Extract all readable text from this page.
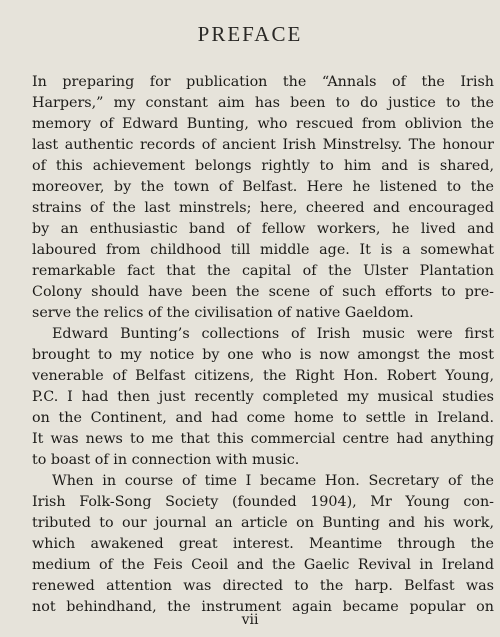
PREFACE
In preparing for publication the “Annals of the Irish
Harpers,” my constant aim has been to do justice to the
memory of Edward Bunting, who rescued from oblivion the
last authentic records of ancient Irish Minstrelsy. The honour
of this achievement belongs rightly to him and is shared,
moreover, by the town of Belfast. Here he listened to the
strains of the last minstrels; here, cheered and encouraged
by an enthusiastic band of fellow workers, he lived and
laboured from childhood till middle age. It is a somewhat
remarkable fact that the capital of the Ulster Plantation
Colony should have been the scene of such efforts to pre-
serve the relics of the civilisation of native Gaeldom.
Edward Bunting’s collections of Irish music were first
brought to my notice by one who is now amongst the most
venerable of Belfast citizens, the Right Hon. Robert Young,
P.C. I had then just recently completed my musical studies
on the Continent, and had come home to settle in Ireland.
It was news to me that this commercial centre had anything
to boast of in connection with music.
When in course of time I became Hon. Secretary of the
Irish Folk-Song Society (founded 1904), Mr Young con-
tributed to our journal an article on Bunting and his work,
which awakened great interest. Meantime through the
medium of the Feis Ceoil and the Gaelic Revival in Ireland
renewed attention was directed to the harp. Belfast was
not behindhand, the instrument again became popular on
vii
